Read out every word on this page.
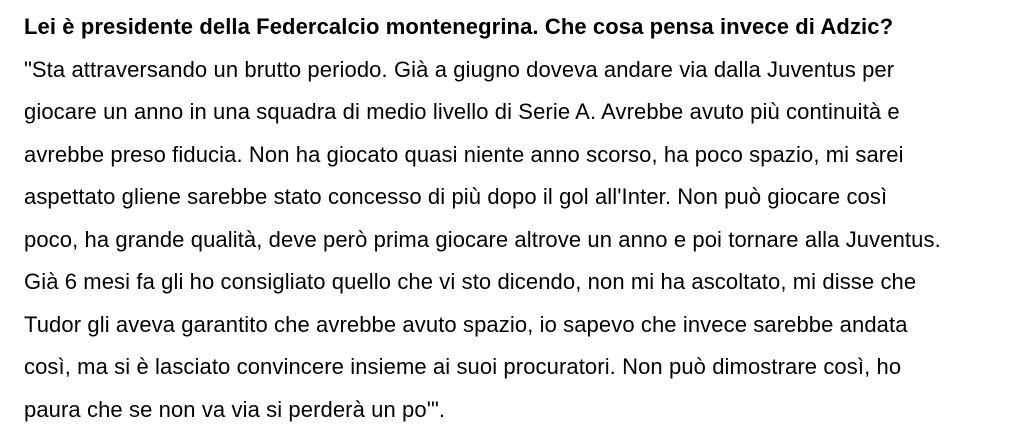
Lei è presidente della Federcalcio montenegrina. Che cosa pensa invece di Adzic?

"Sta attraversando un brutto periodo. Già a giugno doveva andare via dalla Juventus per
giocare un anno in una squadra di medio livello di Serie A. Avrebbe avuto più continuità e
avrebbe preso fiducia. Non ha giocato quasi niente anno scorso, ha poco spazio, mi sarei
aspettato gliene sarebbe stato concesso di più dopo il gol all'Inter. Non può giocare così
poco, ha grande qualità, deve però prima giocare altrove un anno e poi tornare alla Juventus.
Già 6 mesi fa gli ho consigliato quello che vi sto dicendo, non mi ha ascoltato, mi disse che
Tudor gli aveva garantito che avrebbe avuto spazio, io sapevo che invece sarebbe andata
così, ma si è lasciato convincere insieme ai suoi procuratori. Non può dimostrare così, ho
paura che se non va via si perderà un po'".
